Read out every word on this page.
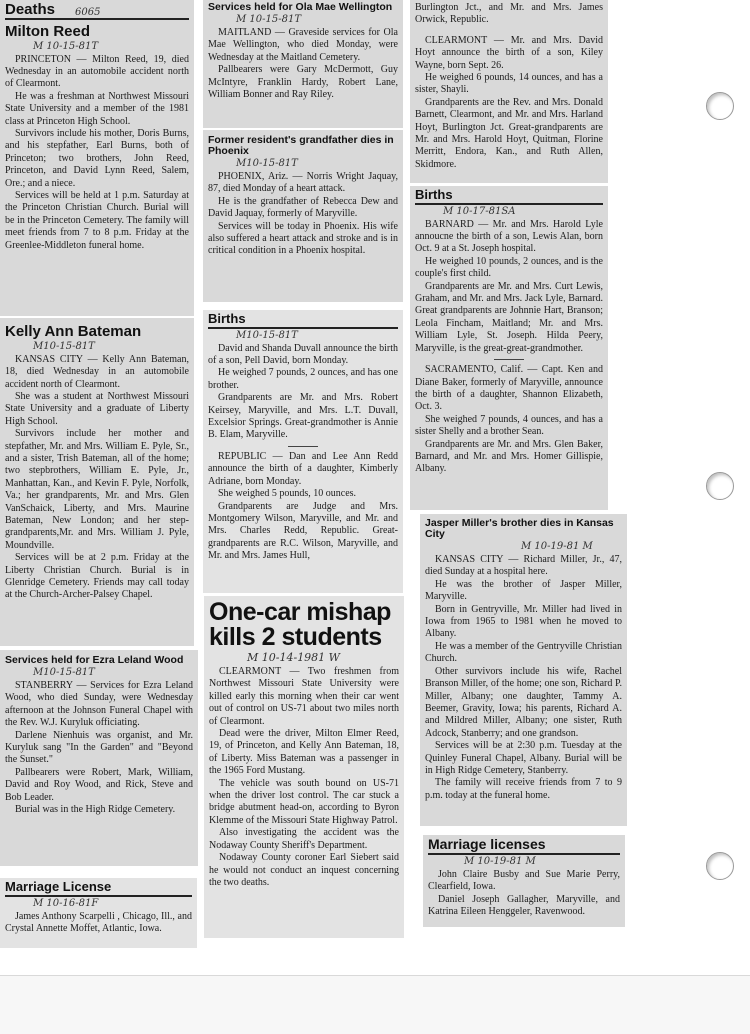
Deaths 6065
Milton Reed
M 10-15-81T

PRINCETON — Milton Reed, 19, died Wednesday in an automobile accident north of Clearmont.

He was a freshman at Northwest Missouri State University and a member of the 1981 class at Princeton High School.

Survivors include his mother, Doris Burns, and his stepfather, Earl Burns, both of Princeton; two brothers, John Reed, Princeton, and David Lynn Reed, Salem, Ore.; and a niece.

Services will be held at 1 p.m. Saturday at the Princeton Christian Church. Burial will be in the Princeton Cemetery. The family will meet friends from 7 to 8 p.m. Friday at the Greenlee-Middleton funeral home.

Kelly Ann Bateman
M10-15-81T

KANSAS CITY — Kelly Ann Bateman, 18, died Wednesday in an automobile accident north of Clearmont.

She was a student at Northwest Missouri State University and a graduate of Liberty High School.

Survivors include her mother and stepfather, Mr. and Mrs. William E. Pyle, Sr., and a sister, Trish Bateman, all of the home; two stepbrothers, William E. Pyle, Jr., Manhattan, Kan., and Kevin F. Pyle, Norfolk, Va.; her grandparents, Mr. and Mrs. Glen VanSchaick, Liberty, and Mrs. Maurine Bateman, New London; and her step-grandparents,Mr. and Mrs. William J. Pyle, Moundville.

Services will be at 2 p.m. Friday at the Liberty Christian Church. Burial is in Glenridge Cemetery. Friends may call today at the Church-Archer-Palsey Chapel.

Services held for Ezra Leland Wood
M10-15-81T

STANBERRY — Services for Ezra Leland Wood, who died Sunday, were Wednesday afternoon at the Johnson Funeral Chapel with the Rev. W.J. Kuryluk officiating.

Darlene Nienhuis was organist, and Mr. Kuryluk sang "In the Garden" and "Beyond the Sunset."

Pallbearers were Robert, Mark, William, David and Roy Wood, and Rick, Steve and Bob Leader.

Burial was in the High Ridge Cemetery.

Marriage License
M 10-16-81F

James Anthony Scarpelli , Chicago, Ill., and Crystal Annette Moffet, Atlantic, Iowa.

Services held for Ola Mae Wellington
M 10-15-81T

MAITLAND — Graveside services for Ola Mae Wellington, who died Monday, were Wednesday at the Maitland Cemetery.

Pallbearers were Gary McDermott, Guy McIntyre, Franklin Hardy, Robert Lane, William Bonner and Ray Riley.

Former resident's grandfather dies in Phoenix
M10-15-81T

PHOENIX, Ariz. — Norris Wright Jaquay, 87, died Monday of a heart attack.

He is the grandfather of Rebecca Dew and David Jaquay, formerly of Maryville.

Services will be today in Phoenix. His wife also suffered a heart attack and stroke and is in critical condition in a Phoenix hospital.

Births
M10-15-81T

David and Shanda Duvall announce the birth of a son, Pell David, born Monday.

He weighed 7 pounds, 2 ounces, and has one brother.

Grandparents are Mr. and Mrs. Robert Keirsey, Maryville, and Mrs. L.T. Duvall, Excelsior Springs. Great-grandmother is Annie B. Elam, Maryville.

REPUBLIC — Dan and Lee Ann Redd announce the birth of a daughter, Kimberly Adriane, born Monday.

She weighed 5 pounds, 10 ounces.

Grandparents are Judge and Mrs. Montgomery Wilson, Maryville, and Mr. and Mrs. Charles Redd, Republic. Great-grandparents are R.C. Wilson, Maryville, and Mr. and Mrs. James Hull,

One-car mishap kills 2 students
M 10-14-1981 W

CLEARMONT — Two freshmen from Northwest Missouri State University were killed early this morning when their car went out of control on US-71 about two miles north of Clearmont.

Dead were the driver, Milton Elmer Reed, 19, of Princeton, and Kelly Ann Bateman, 18, of Liberty. Miss Bateman was a passenger in the 1965 Ford Mustang.

The vehicle was south bound on US-71 when the driver lost control. The car stuck a bridge abutment head-on, according to Byron Klemme of the Missouri State Highway Patrol.

Also investigating the accident was the Nodaway County Sheriff's Department.

Nodaway County coroner Earl Siebert said he would not conduct an inquest concerning the two deaths.

Burlington Jct., and Mr. and Mrs. James Orwick, Republic.

CLEARMONT — Mr. and Mrs. David Hoyt announce the birth of a son, Kiley Wayne, born Sept. 26.

He weighed 6 pounds, 14 ounces, and has a sister, Shayli.

Grandparents are the Rev. and Mrs. Donald Barnett, Clearmont, and Mr. and Mrs. Harland Hoyt, Burlington Jct. Great-grandparents are Mr. and Mrs. Harold Hoyt, Quitman, Florine Merritt, Endora, Kan., and Ruth Allen, Skidmore.

Births
M 10-17-81SA

BARNARD — Mr. and Mrs. Harold Lyle annoucne the birth of a son, Lewis Alan, born Oct. 9 at a St. Joseph hospital.

He weighed 10 pounds, 2 ounces, and is the couple's first child.

Grandparents are Mr. and Mrs. Curt Lewis, Graham, and Mr. and Mrs. Jack Lyle, Barnard. Great grandparents are Johnnie Hart, Branson; Leola Fincham, Maitland; Mr. and Mrs. William Lyle, St. Joseph. Hilda Peery, Maryville, is the great-great-grandmother.

SACRAMENTO, Calif. — Capt. Ken and Diane Baker, formerly of Maryville, announce the birth of a daughter, Shannon Elizabeth, Oct. 3.

She weighed 7 pounds, 4 ounces, and has a sister Shelly and a brother Sean.

Grandparents are Mr. and Mrs. Glen Baker, Barnard, and Mr. and Mrs. Homer Gillispie, Albany.

Jasper Miller's brother dies in Kansas City
M 10-19-81 M

KANSAS CITY — Richard Miller, Jr., 47, died Sunday at a hospital here.

He was the brother of Jasper Miller, Maryville.

Born in Gentryville, Mr. Miller had lived in Iowa from 1965 to 1981 when he moved to Albany.

He was a member of the Gentryville Christian Church.

Other survivors include his wife, Rachel Branson Miller, of the home; one son, Richard P. Miller, Albany; one daughter, Tammy A. Beemer, Gravity, Iowa; his parents, Richard A. and Mildred Miller, Albany; one sister, Ruth Adcock, Stanberry; and one grandson.

Services will be at 2:30 p.m. Tuesday at the Quinley Funeral Chapel, Albany. Burial will be in High Ridge Cemetery, Stanberry.

The family will receive friends from 7 to 9 p.m. today at the funeral home.

Marriage licenses
M 10-19-81 M

John Claire Busby and Sue Marie Perry, Clearfield, Iowa.

Daniel Joseph Gallagher, Maryville, and Katrina Eileen Henggeler, Ravenwood.
